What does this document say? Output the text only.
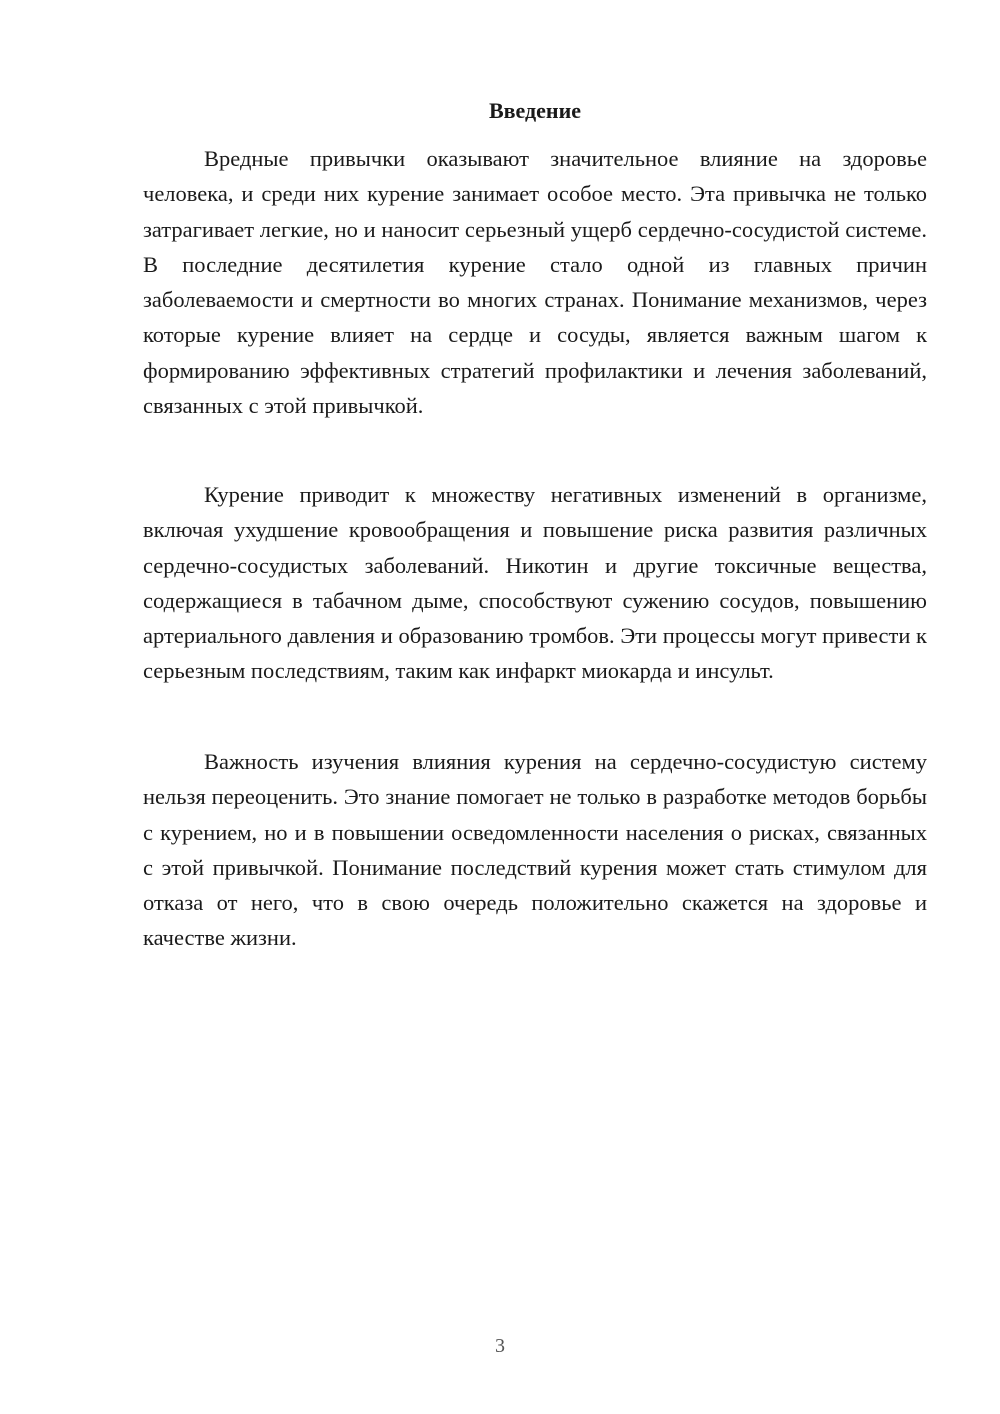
Введение

Вредные привычки оказывают значительное влияние на здоровье человека, и среди них курение занимает особое место. Эта привычка не только затрагивает легкие, но и наносит серьезный ущерб сердечно-сосудистой системе. В последние десятилетия курение стало одной из главных причин заболеваемости и смертности во многих странах. Понимание механизмов, через которые курение влияет на сердце и сосуды, является важным шагом к формированию эффективных стратегий профилактики и лечения заболеваний, связанных с этой привычкой.

Курение приводит к множеству негативных изменений в организме, включая ухудшение кровообращения и повышение риска развития различных сердечно-сосудистых заболеваний. Никотин и другие токсичные вещества, содержащиеся в табачном дыме, способствуют сужению сосудов, повышению артериального давления и образованию тромбов. Эти процессы могут привести к серьезным последствиям, таким как инфаркт миокарда и инсульт.

Важность изучения влияния курения на сердечно-сосудистую систему нельзя переоценить. Это знание помогает не только в разработке методов борьбы с курением, но и в повышении осведомленности населения о рисках, связанных с этой привычкой. Понимание последствий курения может стать стимулом для отказа от него, что в свою очередь положительно скажется на здоровье и качестве жизни.

3
